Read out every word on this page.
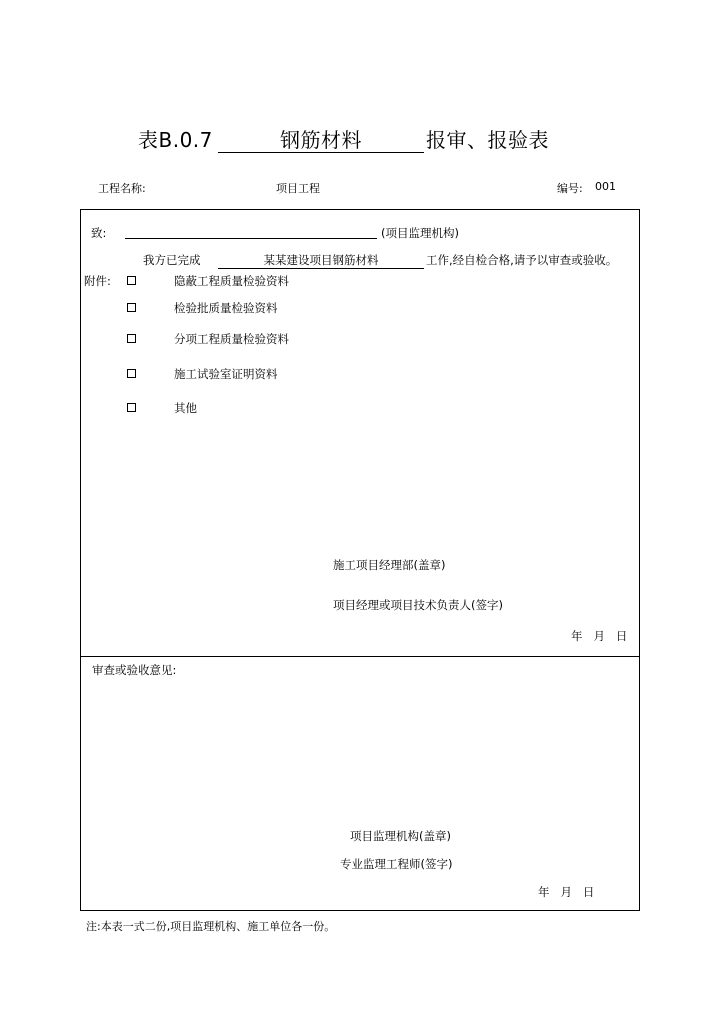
表B.0.7	钢筋材料	报审、报验表
工程名称:	项目工程	编号: 001
致:	(项目监理机构)
我方已完成	某某建设项目钢筋材料	工作,经自检合格,请予以审查或验收。
附件:	隐蔽工程质量检验资料
检验批质量检验资料
分项工程质量检验资料
施工试验室证明资料
其他
施工项目经理部(盖章)
项目经理或项目技术负责人(签字)
年   月   日
审查或验收意见:
项目监理机构(盖章)
专业监理工程师(签字)
年   月   日
注:本表一式二份,项目监理机构、施工单位各一份。
